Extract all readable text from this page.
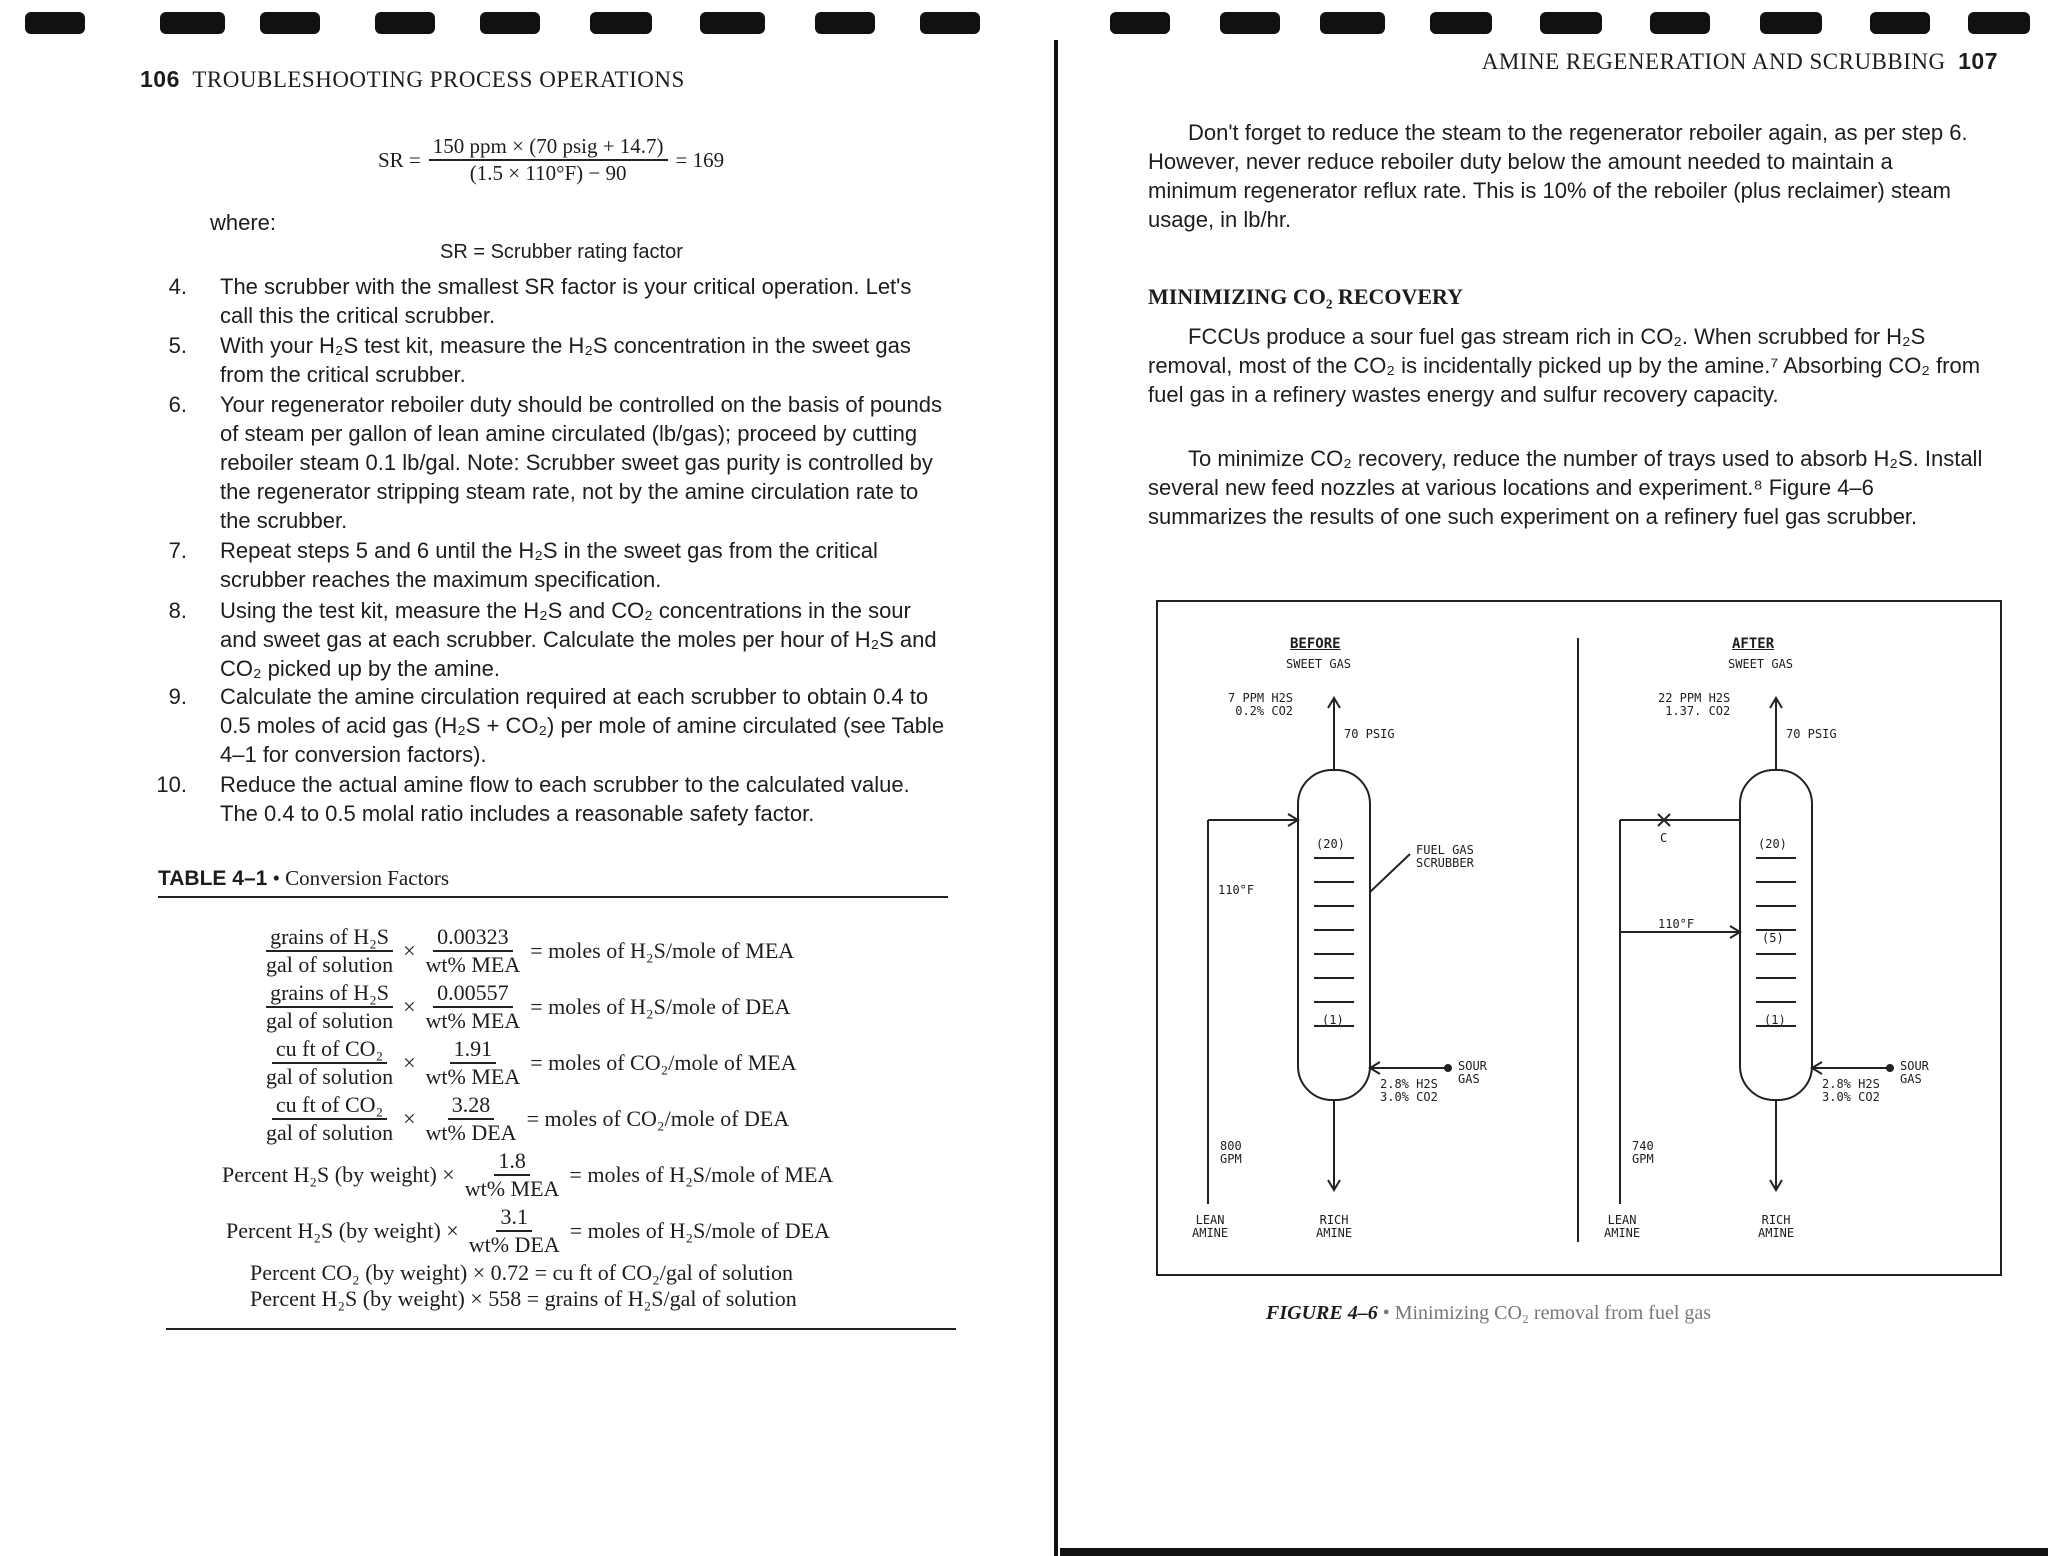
106 TROUBLESHOOTING PROCESS OPERATIONS
SR = $\frac{\text{150 ppm × (70 psig + 14.7)}}{(1.5 \times 110^\circ F) - 90} = 169$
where:
SR = Scrubber rating factor
4.	The scrubber with the smallest SR factor is your critical operation. Let's call this the critical scrubber.
5.	With your H₂S test kit, measure the H₂S concentration in the sweet gas from the critical scrubber.
6.	Your regenerator reboiler duty should be controlled on the basis of pounds of steam per gallon of lean amine circulated (lb/gas); proceed by cutting reboiler steam 0.1 lb/gal. Note: Scrubber sweet gas purity is controlled by the regenerator stripping steam rate, not by the amine circulation rate to the scrubber.
7.	Repeat steps 5 and 6 until the H₂S in the sweet gas from the critical scrubber reaches the maximum specification.
8.	Using the test kit, measure the H₂S and CO₂ concentrations in the sour and sweet gas at each scrubber. Calculate the moles per hour of H₂S and CO₂ picked up by the amine.
9.	Calculate the amine circulation required at each scrubber to obtain 0.4 to 0.5 moles of acid gas (H₂S + CO₂) per mole of amine circulated (see Table 4–1 for conversion factors).
10.	Reduce the actual amine flow to each scrubber to the calculated value. The 0.4 to 0.5 molal ratio includes a reasonable safety factor.
TABLE 4–1 • Conversion Factors
$\frac{\text{grains of H₂S}}{\text{gal of solution}} \times \frac{0.00323}{\text{wt\% MEA}}$ = moles of H₂S/mole of MEA
$\frac{\text{grains of H₂S}}{\text{gal of solution}} \times \frac{0.00557}{\text{wt\% MEA}}$ = moles of H₂S/mole of DEA
$\frac{\text{cu ft of CO₂}}{\text{gal of solution}} \times \frac{1.91}{\text{wt\% MEA}}$ = moles of CO₂/mole of MEA
$\frac{\text{cu ft of CO₂}}{\text{gal of solution}} \times \frac{3.28}{\text{wt\% DEA}}$ = moles of CO₂/mole of DEA
Percent H₂S (by weight) × $\frac{1.8}{\text{wt\% MEA}}$ = moles of H₂S/mole of MEA
Percent H₂S (by weight) × $\frac{3.1}{\text{wt\% DEA}}$ = moles of H₂S/mole of DEA
Percent CO₂ (by weight) × 0.72 = cu ft of CO₂/gal of solution
Percent H₂S (by weight) × 558 = grains of H₂S/gal of solution
AMINE REGENERATION AND SCRUBBING 107
Don't forget to reduce the steam to the regenerator reboiler again, as per step 6. However, never reduce reboiler duty below the amount needed to maintain a minimum regenerator reflux rate. This is 10% of the reboiler (plus reclaimer) steam usage, in lb/hr.
MINIMIZING CO₂ RECOVERY
FCCUs produce a sour fuel gas stream rich in CO₂. When scrubbed for H₂S removal, most of the CO₂ is incidentally picked up by the amine.⁷ Absorbing CO₂ from fuel gas in a refinery wastes energy and sulfur recovery capacity.
To minimize CO₂ recovery, reduce the number of trays used to absorb H₂S. Install several new feed nozzles at various locations and experiment.⁸ Figure 4–6 summarizes the results of one such experiment on a refinery fuel gas scrubber.
BEFORE
SWEET GAS
7 PPM H2S
0.2% CO2
70 PSIG
FUEL GAS
SCRUBBER
(20)
(1)
110°F
2.8% H2S
3.0% CO2
SOUR
GAS
800
GPM
LEAN
AMINE
RICH
AMINE
AFTER
SWEET GAS
22 PPM H2S
1.37. CO2
70 PSIG
C	(20)
(5)
(1)
110°F
2.8% H2S
3.0% CO2
SOUR
GAS
740
GPM
LEAN
AMINE
RICH
AMINE
FIGURE 4–6 • Minimizing CO₂ removal from fuel gas
